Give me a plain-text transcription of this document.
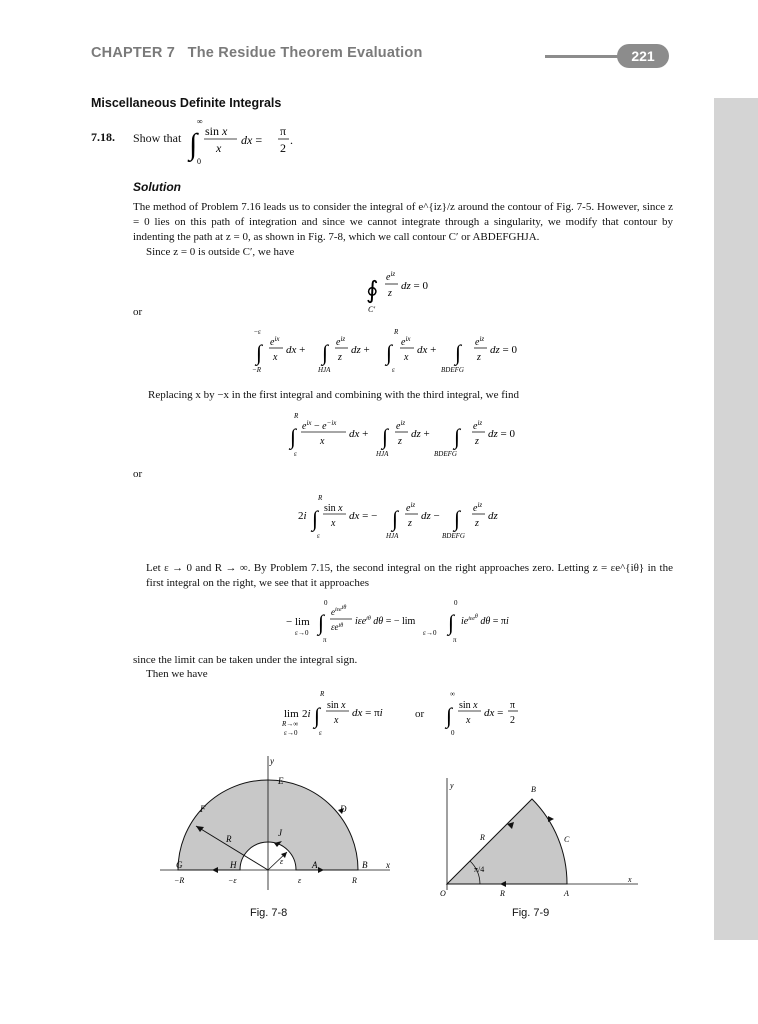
CHAPTER 7 The Residue Theorem Evaluation	221
Miscellaneous Definite Integrals
7.18. Show that
∞
∫
0
sin x
x
dx =
π
2
.
Solution
The method of Problem 7.16 leads us to consider the integral of e^{iz}/z around the contour of Fig. 7-5. However, since z = 0 lies on this path of integration and since we cannot integrate through a singularity, we modify that contour by indenting the path at z = 0, as shown in Fig. 7-8, which we call contour C′ or ABDEFGHJA.
Since z = 0 is outside C′, we have
∮
C′
$e^{iz}$
z
dz = 0
or
−ε
∫
−R
$e^{ix}$
x
dx + ∫
HJA
$e^{iz}$
z
dz +
R
∫
ε
$e^{ix}$
x
dx + ∫
BDEFG
$e^{iz}$
z
dz = 0
Replacing x by −x in the first integral and combining with the third integral, we find
R
∫
ε
$e^{ix} - e^{-ix}$
x
dx + ∫
HJA
$e^{iz}$
z
dz + ∫
BDEFG
$e^{iz}$
z
dz = 0
or
2i
R
∫
ε
sin x
x
dx = − ∫
HJA
$e^{iz}$
z
dz − ∫
BDEFG
$e^{iz}$
z
dz
Let ε → 0 and R → ∞. By Problem 7.15, the second integral on the right approaches zero. Letting z = εe^{iθ} in the first integral on the right, we see that it approaches
− lim
ε→0
0
∫
π
$e^{i\varepsilon ei\theta}$
$\varepsilon e^{i\theta}$ iεe$^{i\theta}$ dθ = − lim
ε→0
0
∫
π
$ie^{i\varepsilon e\theta}$ dθ = πi
since the limit can be taken under the integral sign.
Then we have
lim
R→∞
ε→0
2i
R
∫
ε
sin x
x
dx = πi
∞
∫
0
sin x
x
dx =
π
2
or
y
x
A	B
D
E
F
G	H
J
R
ε
−R	−ε	ε	R
Fig. 7-8
y
x
O	A
B
C
R
π/4
R
Fig. 7-9
